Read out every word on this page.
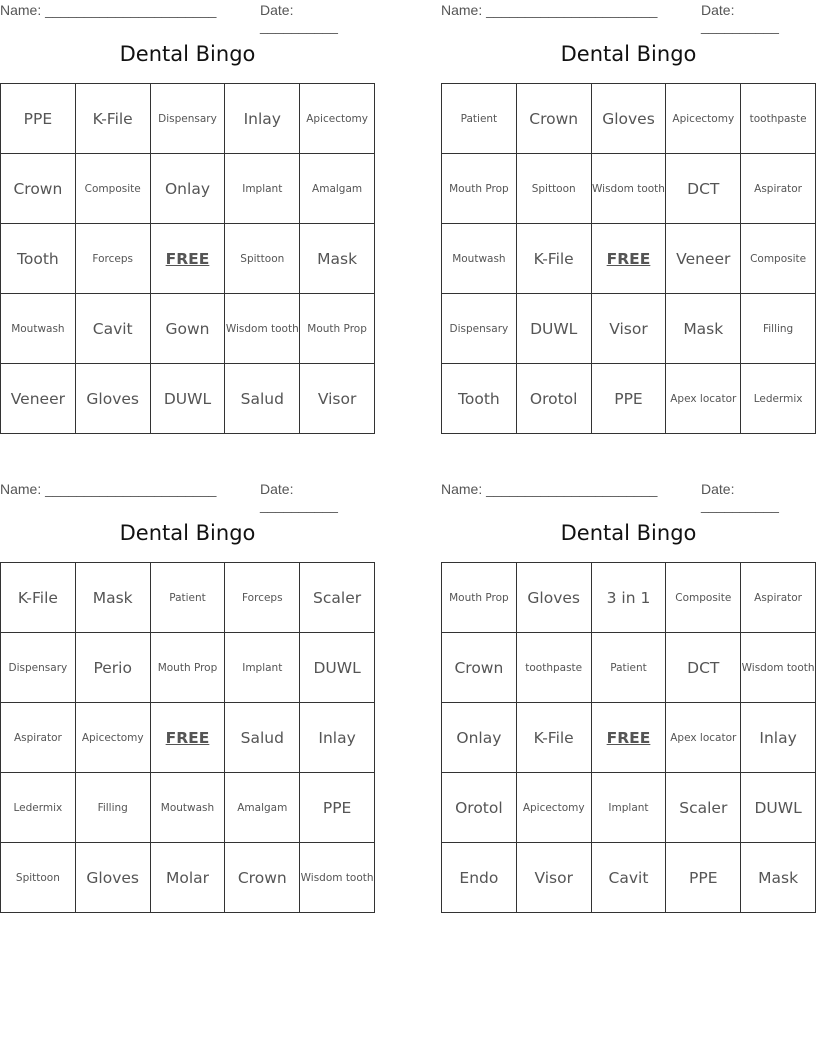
Name: ______________________	Date: __________
Dental Bingo
PPE	K-File	Dispensary	Inlay	Apicectomy
Crown	Composite	Onlay	Implant	Amalgam
Tooth	Forceps	FREE	Spittoon	Mask
Moutwash	Cavit	Gown	Wisdom tooth	Mouth Prop
Veneer	Gloves	DUWL	Salud	Visor
Name: ______________________	Date: __________
Dental Bingo
Patient	Crown	Gloves	Apicectomy	toothpaste
Mouth Prop	Spittoon	Wisdom tooth	DCT	Aspirator
Moutwash	K-File	FREE	Veneer	Composite
Dispensary	DUWL	Visor	Mask	Filling
Tooth	Orotol	PPE	Apex locator	Ledermix
Name: ______________________	Date: __________
Dental Bingo
K-File	Mask	Patient	Forceps	Scaler
Dispensary	Perio	Mouth Prop	Implant	DUWL
Aspirator	Apicectomy	FREE	Salud	Inlay
Ledermix	Filling	Moutwash	Amalgam	PPE
Spittoon	Gloves	Molar	Crown	Wisdom tooth
Name: ______________________	Date: __________
Dental Bingo
Mouth Prop	Gloves	3 in 1	Composite	Aspirator
Crown	toothpaste	Patient	DCT	Wisdom tooth
Onlay	K-File	FREE	Apex locator	Inlay
Orotol	Apicectomy	Implant	Scaler	DUWL
Endo	Visor	Cavit	PPE	Mask
